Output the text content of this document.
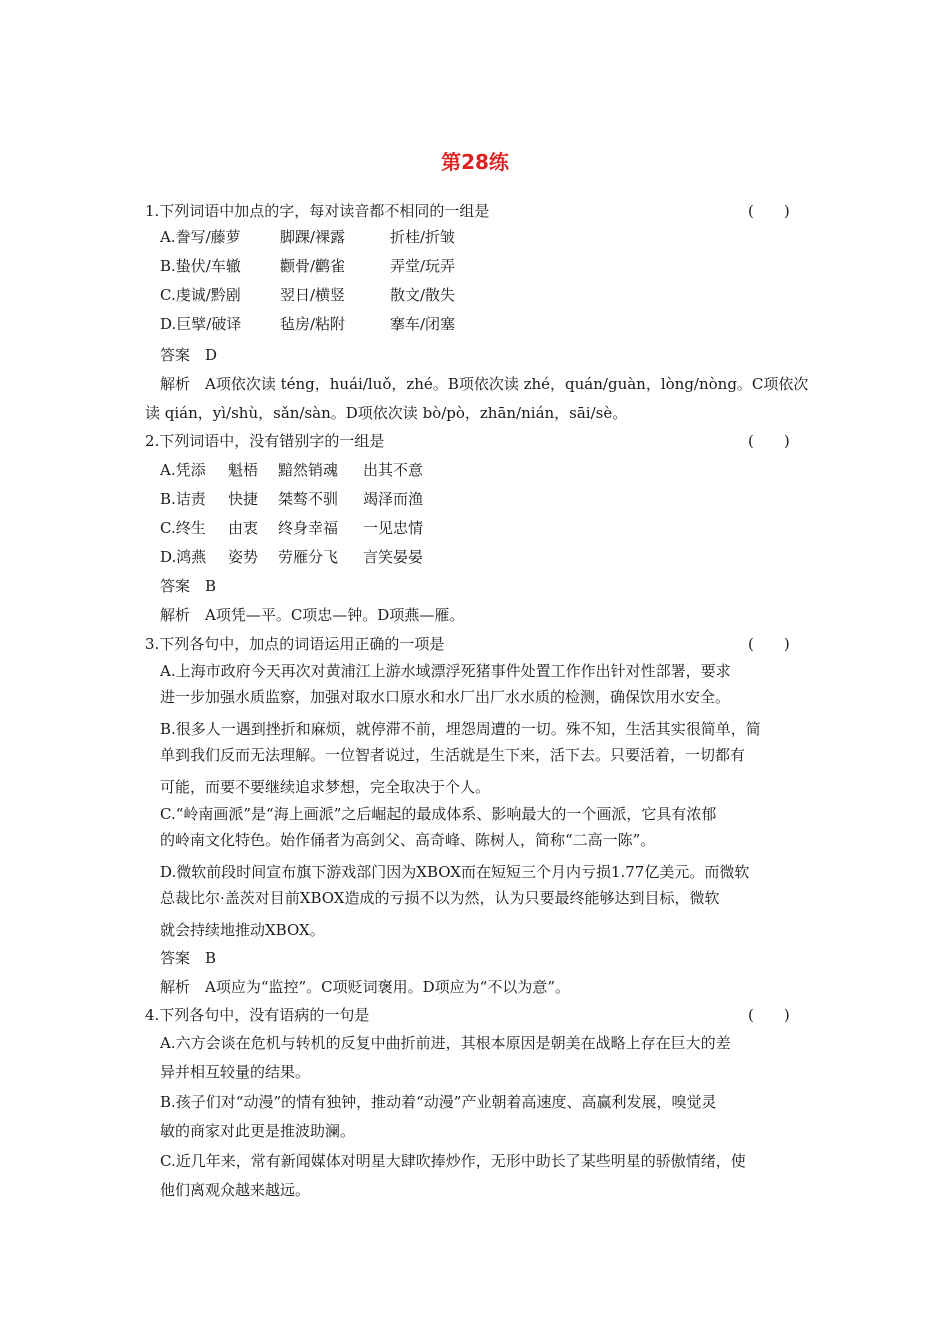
第28练
1.下列词语中加点的字，每对读音都不相同的一组是	(　　)
A.誊写/藤萝	脚踝/裸露	折桂/折皱
B.蛰伏/车辙	颧骨/鹳雀	弄堂/玩弄
C.虔诚/黔剧	翌日/横竖	散文/散失
D.巨擘/破译	毡房/粘附	搴车/闭塞
答案　D
解析　A项依次读 téng，huái/luǒ，zhé。B项依次读 zhé，quán/guàn，lòng/nòng。C项依次
读 qián，yì/shù，sǎn/sàn。D项依次读 bò/pò，zhān/nián，sāi/sè。
2.下列词语中，没有错别字的一组是	(　　)
A.凭添 魁梧 黯然销魂 出其不意
B.诘责 快捷 桀骜不驯 竭泽而渔
C.终生 由衷 终身幸福 一见忠情
D.鸿燕 姿势 劳雁分飞 言笑晏晏
答案　B
解析　A项凭—平。C项忠—钟。D项燕—雁。
3.下列各句中，加点的词语运用正确的一项是	(　　)
A.上海市政府今天再次对黄浦江上游水域漂浮死猪事件处置工作作出针对性部署，要求
进一步加强水质监察，加强对取水口原水和水厂出厂水水质的检测，确保饮用水安全。
B.很多人一遇到挫折和麻烦，就停滞不前，埋怨周遭的一切。殊不知，生活其实很简单，简
单到我们反而无法理解。一位智者说过，生活就是生下来，活下去。只要活着，一切都有
可能，而要不要继续追求梦想，完全取决于个人。
C.“岭南画派”是“海上画派”之后崛起的最成体系、影响最大的一个画派，它具有浓郁
的岭南文化特色。始作俑者为高剑父、高奇峰、陈树人，简称“二高一陈”。
D.微软前段时间宣布旗下游戏部门因为XBOX而在短短三个月内亏损1.77亿美元。而微软
总裁比尔·盖茨对目前XBOX造成的亏损不以为然，认为只要最终能够达到目标，微软
就会持续地推动XBOX。
答案　B
解析　A项应为“监控”。C项贬词褒用。D项应为“不以为意”。
4.下列各句中，没有语病的一句是	(　　)
A.六方会谈在危机与转机的反复中曲折前进，其根本原因是朝美在战略上存在巨大的差
异并相互较量的结果。
B.孩子们对“动漫”的情有独钟，推动着“动漫”产业朝着高速度、高赢利发展，嗅觉灵
敏的商家对此更是推波助澜。
C.近几年来，常有新闻媒体对明星大肆吹捧炒作，无形中助长了某些明星的骄傲情绪，使
他们离观众越来越远。
